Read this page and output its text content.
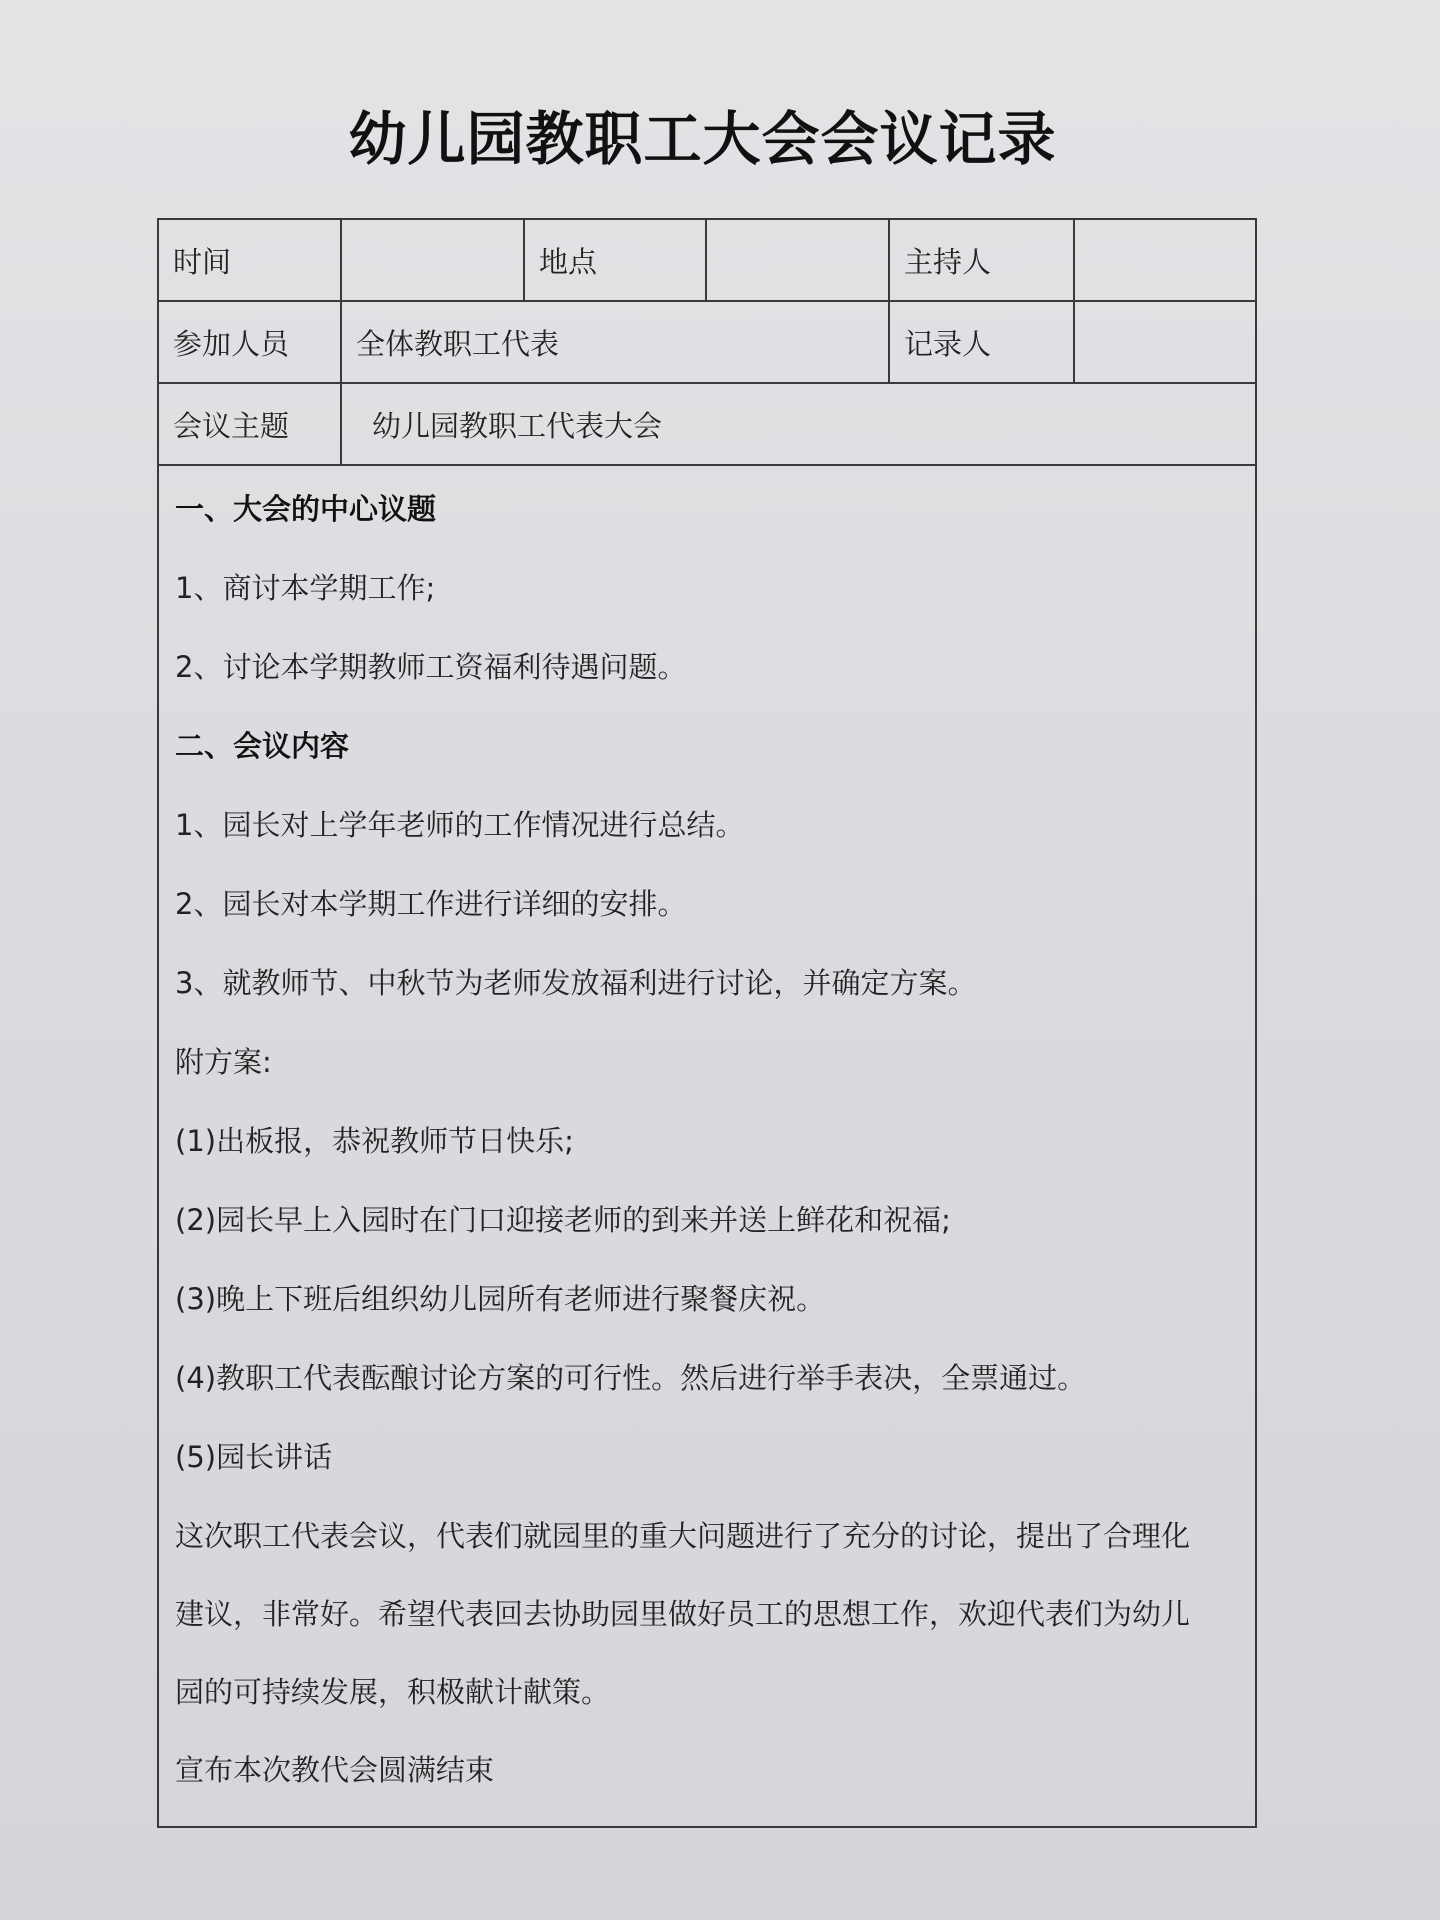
幼儿园教职工大会会议记录
时间		地点		主持人	
参加人员	全体教职工代表			记录人	
会议主题	幼儿园教职工代表大会				
一、大会的中心议题
1、商讨本学期工作;
2、讨论本学期教师工资福利待遇问题。
二、会议内容
1、园长对上学年老师的工作情况进行总结。
2、园长对本学期工作进行详细的安排。
3、就教师节、中秋节为老师发放福利进行讨论，并确定方案。
附方案:
(1)出板报，恭祝教师节日快乐;
(2)园长早上入园时在门口迎接老师的到来并送上鲜花和祝福;
(3)晚上下班后组织幼儿园所有老师进行聚餐庆祝。
(4)教职工代表酝酿讨论方案的可行性。然后进行举手表决，全票通过。
(5)园长讲话
这次职工代表会议，代表们就园里的重大问题进行了充分的讨论，提出了合理化
建议，非常好。希望代表回去协助园里做好员工的思想工作，欢迎代表们为幼儿
园的可持续发展，积极献计献策。
宣布本次教代会圆满结束
